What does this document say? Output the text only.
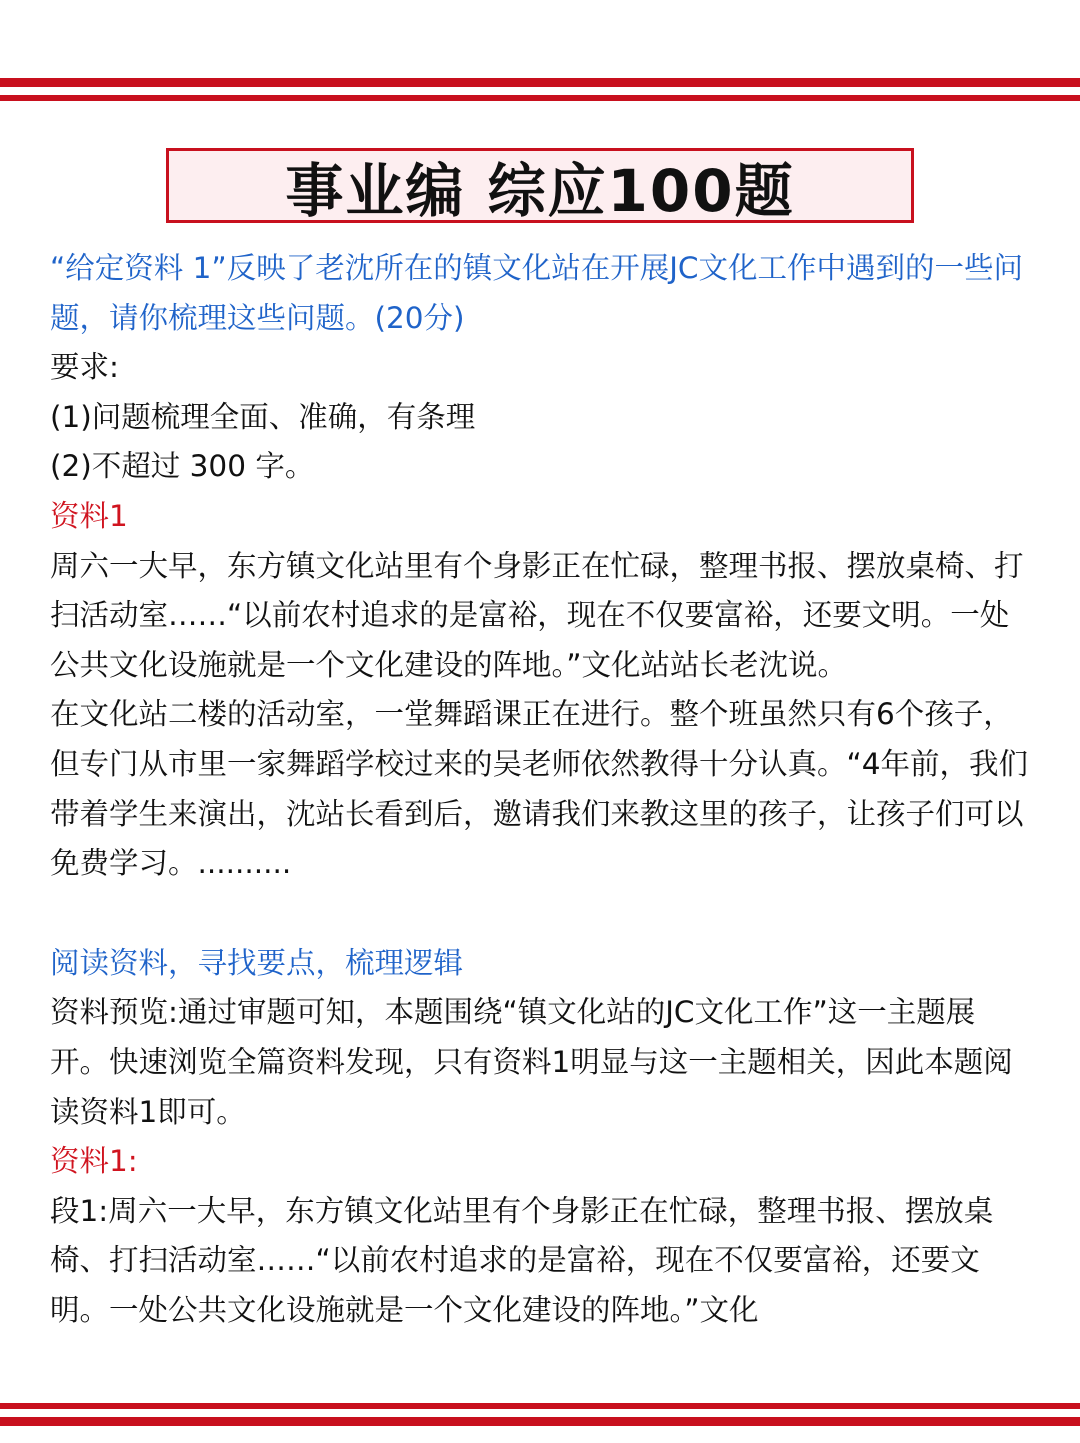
事业编 综应100题

“给定资料 1”反映了老沈所在的镇文化站在开展JC文化工作中遇到的一些问题，请你梳理这些问题。(20分)

要求:

(1)问题梳理全面、准确，有条理

(2)不超过 300 字。

资料1

周六一大早，东方镇文化站里有个身影正在忙碌，整理书报、摆放桌椅、打扫活动室……“以前农村追求的是富裕，现在不仅要富裕，还要文明。一处公共文化设施就是一个文化建设的阵地。”文化站站长老沈说。

在文化站二楼的活动室，一堂舞蹈课正在进行。整个班虽然只有6个孩子，但专门从市里一家舞蹈学校过来的吴老师依然教得十分认真。“4年前，我们带着学生来演出，沈站长看到后，邀请我们来教这里的孩子，让孩子们可以免费学习。..........

阅读资料，寻找要点，梳理逻辑

资料预览:通过审题可知，本题围绕“镇文化站的JC文化工作”这一主题展开。快速浏览全篇资料发现，只有资料1明显与这一主题相关，因此本题阅读资料1即可。

资料1:

段1:周六一大早，东方镇文化站里有个身影正在忙碌，整理书报、摆放桌椅、打扫活动室……“以前农村追求的是富裕，现在不仅要富裕，还要文明。一处公共文化设施就是一个文化建设的阵地。”文化
